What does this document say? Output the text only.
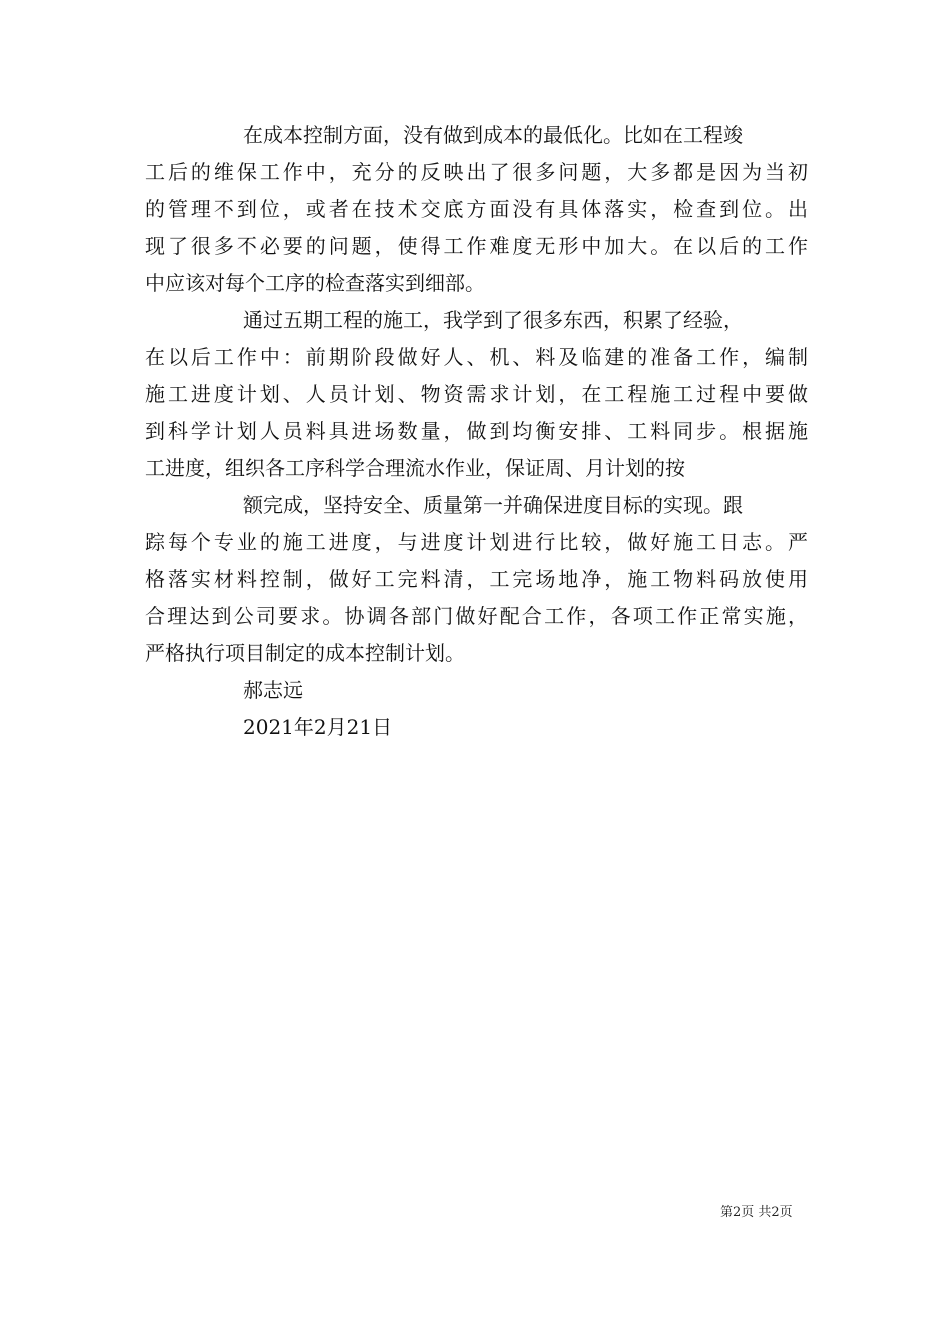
在成本控制方面，没有做到成本的最低化。比如在工程竣
工后的维保工作中，充分的反映出了很多问题，大多都是因为当初
的管理不到位，或者在技术交底方面没有具体落实，检查到位。出
现了很多不必要的问题，使得工作难度无形中加大。在以后的工作
中应该对每个工序的检查落实到细部。
通过五期工程的施工，我学到了很多东西，积累了经验，
在以后工作中：前期阶段做好人、机、料及临建的准备工作，编制
施工进度计划、人员计划、物资需求计划，在工程施工过程中要做
到科学计划人员料具进场数量，做到均衡安排、工料同步。根据施
工进度，组织各工序科学合理流水作业，保证周、月计划的按
额完成，坚持安全、质量第一并确保进度目标的实现。跟
踪每个专业的施工进度，与进度计划进行比较，做好施工日志。严
格落实材料控制，做好工完料清，工完场地净，施工物料码放使用
合理达到公司要求。协调各部门做好配合工作，各项工作正常实施，
严格执行项目制定的成本控制计划。
郝志远
2021年2月21日
第2页 共2页
